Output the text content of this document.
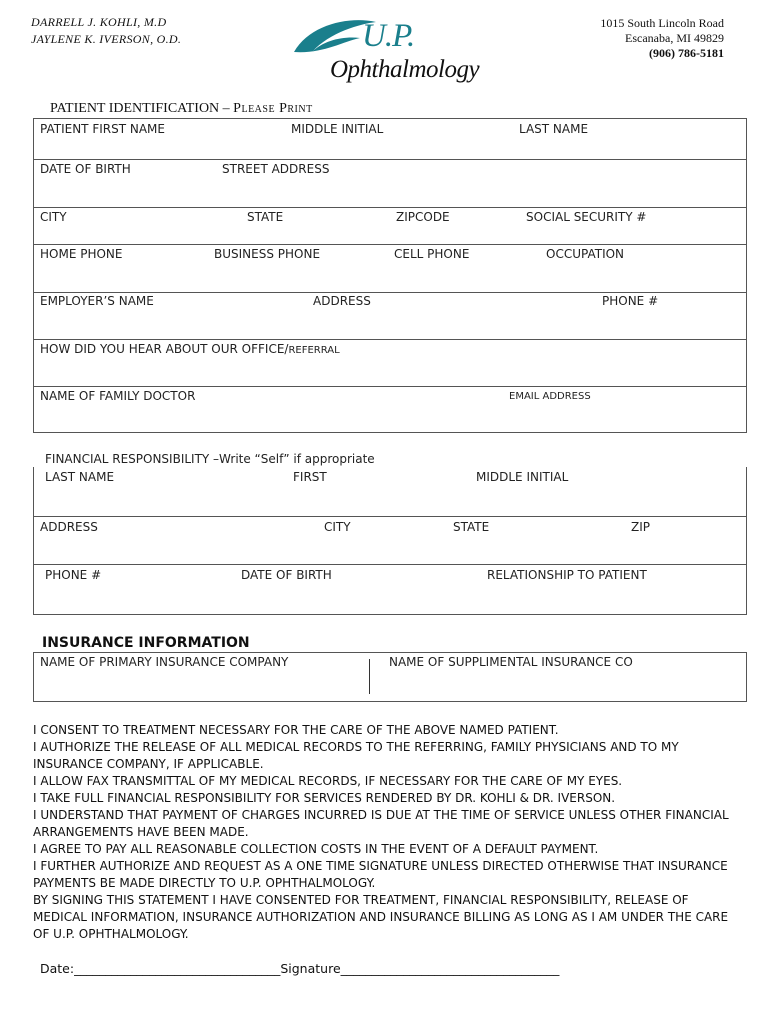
DARRELL J. KOHLI, M.D
JAYLENE K. IVERSON, O.D.	U.P.
Ophthalmology
1015 South Lincoln Road
Escanaba, MI 49829
(906) 786-5181
PATIENT IDENTIFICATION – Please Print
PATIENT FIRST NAME	MIDDLE INITIAL	LAST NAME
DATE OF BIRTH	STREET ADDRESS
CITY	STATE	ZIPCODE	SOCIAL SECURITY #
HOME PHONE	BUSINESS PHONE	CELL PHONE	OCCUPATION
EMPLOYER’S NAME	ADDRESS	PHONE #
HOW DID YOU HEAR ABOUT OUR OFFICE/REFERRAL
NAME OF FAMILY DOCTOR	EMAIL ADDRESS
FINANCIAL RESPONSIBILITY –Write “Self” if appropriate
LAST NAME	FIRST	MIDDLE INITIAL
ADDRESS	CITY	STATE	ZIP
PHONE #	DATE OF BIRTH	RELATIONSHIP TO PATIENT
INSURANCE INFORMATION
NAME OF PRIMARY INSURANCE COMPANY	NAME OF SUPPLIMENTAL INSURANCE CO

I CONSENT TO TREATMENT NECESSARY FOR THE CARE OF THE ABOVE NAMED PATIENT.

I AUTHORIZE THE RELEASE OF ALL MEDICAL RECORDS TO THE REFERRING, FAMILY PHYSICIANS AND TO MY INSURANCE COMPANY, IF APPLICABLE.

I ALLOW FAX TRANSMITTAL OF MY MEDICAL RECORDS, IF NECESSARY FOR THE CARE OF MY EYES.

I TAKE FULL FINANCIAL RESPONSIBILITY FOR SERVICES RENDERED BY DR. KOHLI & DR. IVERSON.

I UNDERSTAND THAT PAYMENT OF CHARGES INCURRED IS DUE AT THE TIME OF SERVICE UNLESS OTHER FINANCIAL ARRANGEMENTS HAVE BEEN MADE.

I AGREE TO PAY ALL REASONABLE COLLECTION COSTS IN THE EVENT OF A DEFAULT PAYMENT.

I FURTHER AUTHORIZE AND REQUEST AS A ONE TIME SIGNATURE UNLESS DIRECTED OTHERWISE THAT INSURANCE PAYMENTS BE MADE DIRECTLY TO U.P. OPHTHALMOLOGY.

BY SIGNING THIS STATEMENT I HAVE CONSENTED FOR TREATMENT, FINANCIAL RESPONSIBILITY, RELEASE OF MEDICAL INFORMATION, INSURANCE AUTHORIZATION AND INSURANCE BILLING AS LONG AS I AM UNDER THE CARE OF U.P. OPHTHALMOLOGY.

Date:_________________________________Signature___________________________________
